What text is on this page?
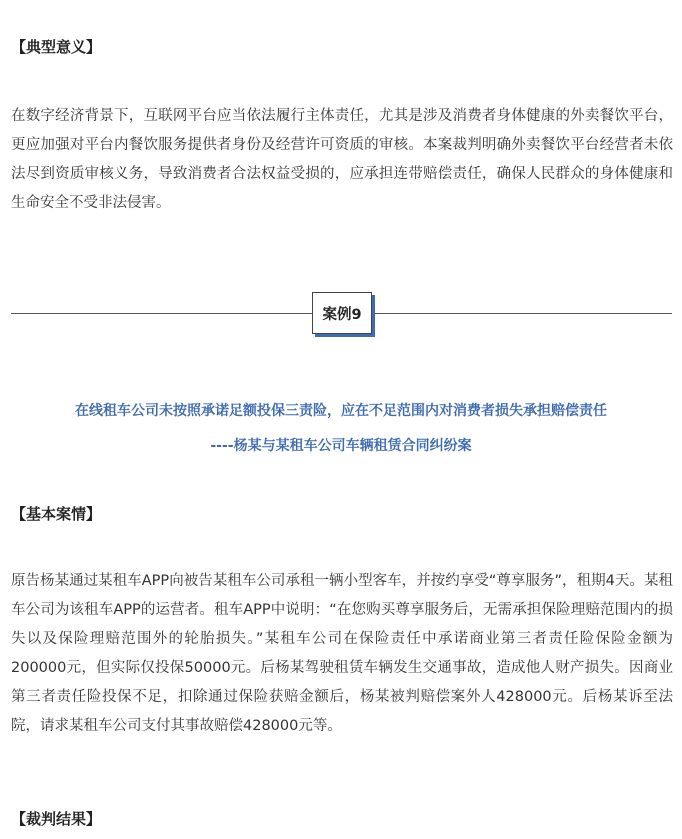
【典型意义】
在数字经济背景下，互联网平台应当依法履行主体责任，尤其是涉及消费者身体健康的外卖餐饮平台，更应加强对平台内餐饮服务提供者身份及经营许可资质的审核。本案裁判明确外卖餐饮平台经营者未依法尽到资质审核义务，导致消费者合法权益受损的，应承担连带赔偿责任，确保人民群众的身体健康和生命安全不受非法侵害。
案例9
在线租车公司未按照承诺足额投保三责险，应在不足范围内对消费者损失承担赔偿责任
----杨某与某租车公司车辆租赁合同纠纷案
【基本案情】
原告杨某通过某租车APP向被告某租车公司承租一辆小型客车，并按约享受“尊享服务”，租期4天。某租车公司为该租车APP的运营者。租车APP中说明：“在您购买尊享服务后，无需承担保险理赔范围内的损失以及保险理赔范围外的轮胎损失。”某租车公司在保险责任中承诺商业第三者责任险保险金额为200000元，但实际仅投保50000元。后杨某驾驶租赁车辆发生交通事故，造成他人财产损失。因商业第三者责任险投保不足，扣除通过保险获赔金额后，杨某被判赔偿案外人428000元。后杨某诉至法院，请求某租车公司支付其事故赔偿428000元等。
【裁判结果】
